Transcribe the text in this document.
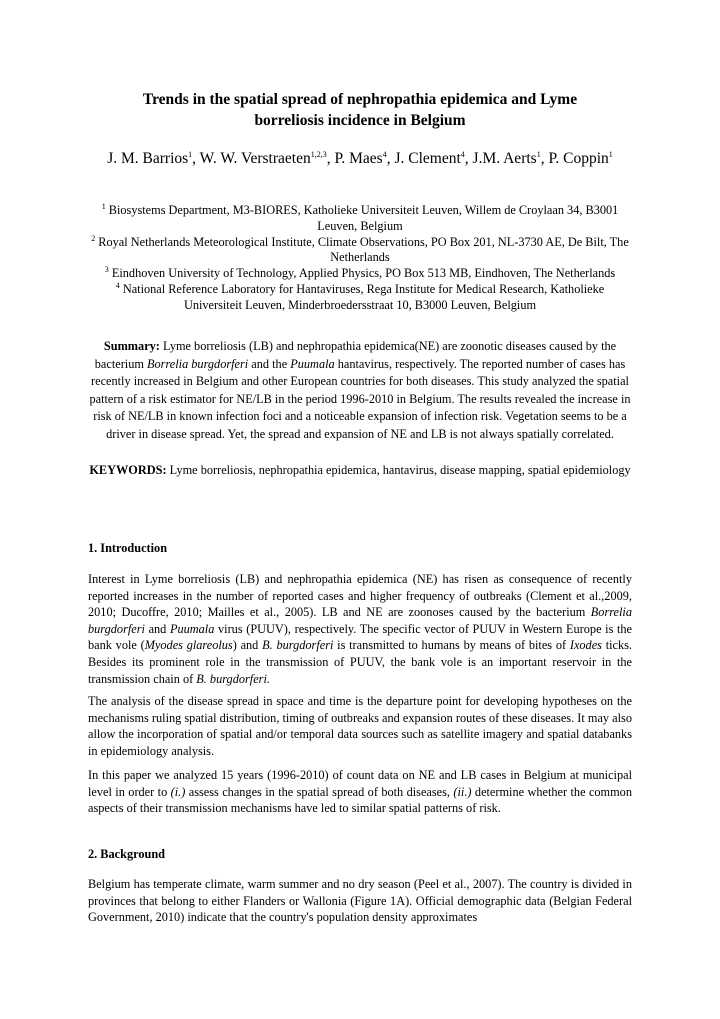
Trends in the spatial spread of nephropathia epidemica and Lyme
borreliosis incidence in Belgium
J. M. Barrios$^1$, W. W. Verstraeten$^{1,2,3}$, P. Maes$^4$, J. Clement$^4$, J.M. Aerts$^1$, P. Coppin$^1$

$^1$ Biosystems Department, M3-BIORES, Katholieke Universiteit Leuven, Willem de Croylaan 34, B3001 Leuven, Belgium

$^2$ Royal Netherlands Meteorological Institute, Climate Observations, PO Box 201, NL-3730 AE, De Bilt, The Netherlands

$^3$ Eindhoven University of Technology, Applied Physics, PO Box 513 MB, Eindhoven, The Netherlands

$^4$ National Reference Laboratory for Hantaviruses, Rega Institute for Medical Research, Katholieke Universiteit Leuven, Minderbroedersstraat 10, B3000 Leuven, Belgium

Summary: Lyme borreliosis (LB) and nephropathia epidemica(NE) are zoonotic diseases caused by the bacterium Borrelia burgdorferi and the Puumala hantavirus, respectively. The reported number of cases has recently increased in Belgium and other European countries for both diseases. This study analyzed the spatial pattern of a risk estimator for NE/LB in the period 1996-2010 in Belgium. The results revealed the increase in risk of NE/LB in known infection foci and a noticeable expansion of infection risk. Vegetation seems to be a driver in disease spread. Yet, the spread and expansion of NE and LB is not always spatially correlated.

KEYWORDS: Lyme borreliosis, nephropathia epidemica, hantavirus, disease mapping, spatial epidemiology

1. Introduction

Interest in Lyme borreliosis (LB) and nephropathia epidemica (NE) has risen as consequence of recently reported increases in the number of reported cases and higher frequency of outbreaks (Clement et al.,2009, 2010; Ducoffre, 2010; Mailles et al., 2005). LB and NE are zoonoses caused by the bacterium Borrelia burgdorferi and Puumala virus (PUUV), respectively. The specific vector of PUUV in Western Europe is the bank vole (Myodes glareolus) and B. burgdorferi is transmitted to humans by means of bites of Ixodes ticks. Besides its prominent role in the transmission of PUUV, the bank vole is an important reservoir in the transmission chain of B. burgdorferi.

The analysis of the disease spread in space and time is the departure point for developing hypotheses on the mechanisms ruling spatial distribution, timing of outbreaks and expansion routes of these diseases. It may also allow the incorporation of spatial and/or temporal data sources such as satellite imagery and spatial databanks in epidemiology analysis.

In this paper we analyzed 15 years (1996-2010) of count data on NE and LB cases in Belgium at municipal level in order to (i.) assess changes in the spatial spread of both diseases, (ii.) determine whether the common aspects of their transmission mechanisms have led to similar spatial patterns of risk.

2. Background

Belgium has temperate climate, warm summer and no dry season (Peel et al., 2007). The country is divided in provinces that belong to either Flanders or Wallonia (Figure 1A). Official demographic data (Belgian Federal Government, 2010) indicate that the country's population density approximates
